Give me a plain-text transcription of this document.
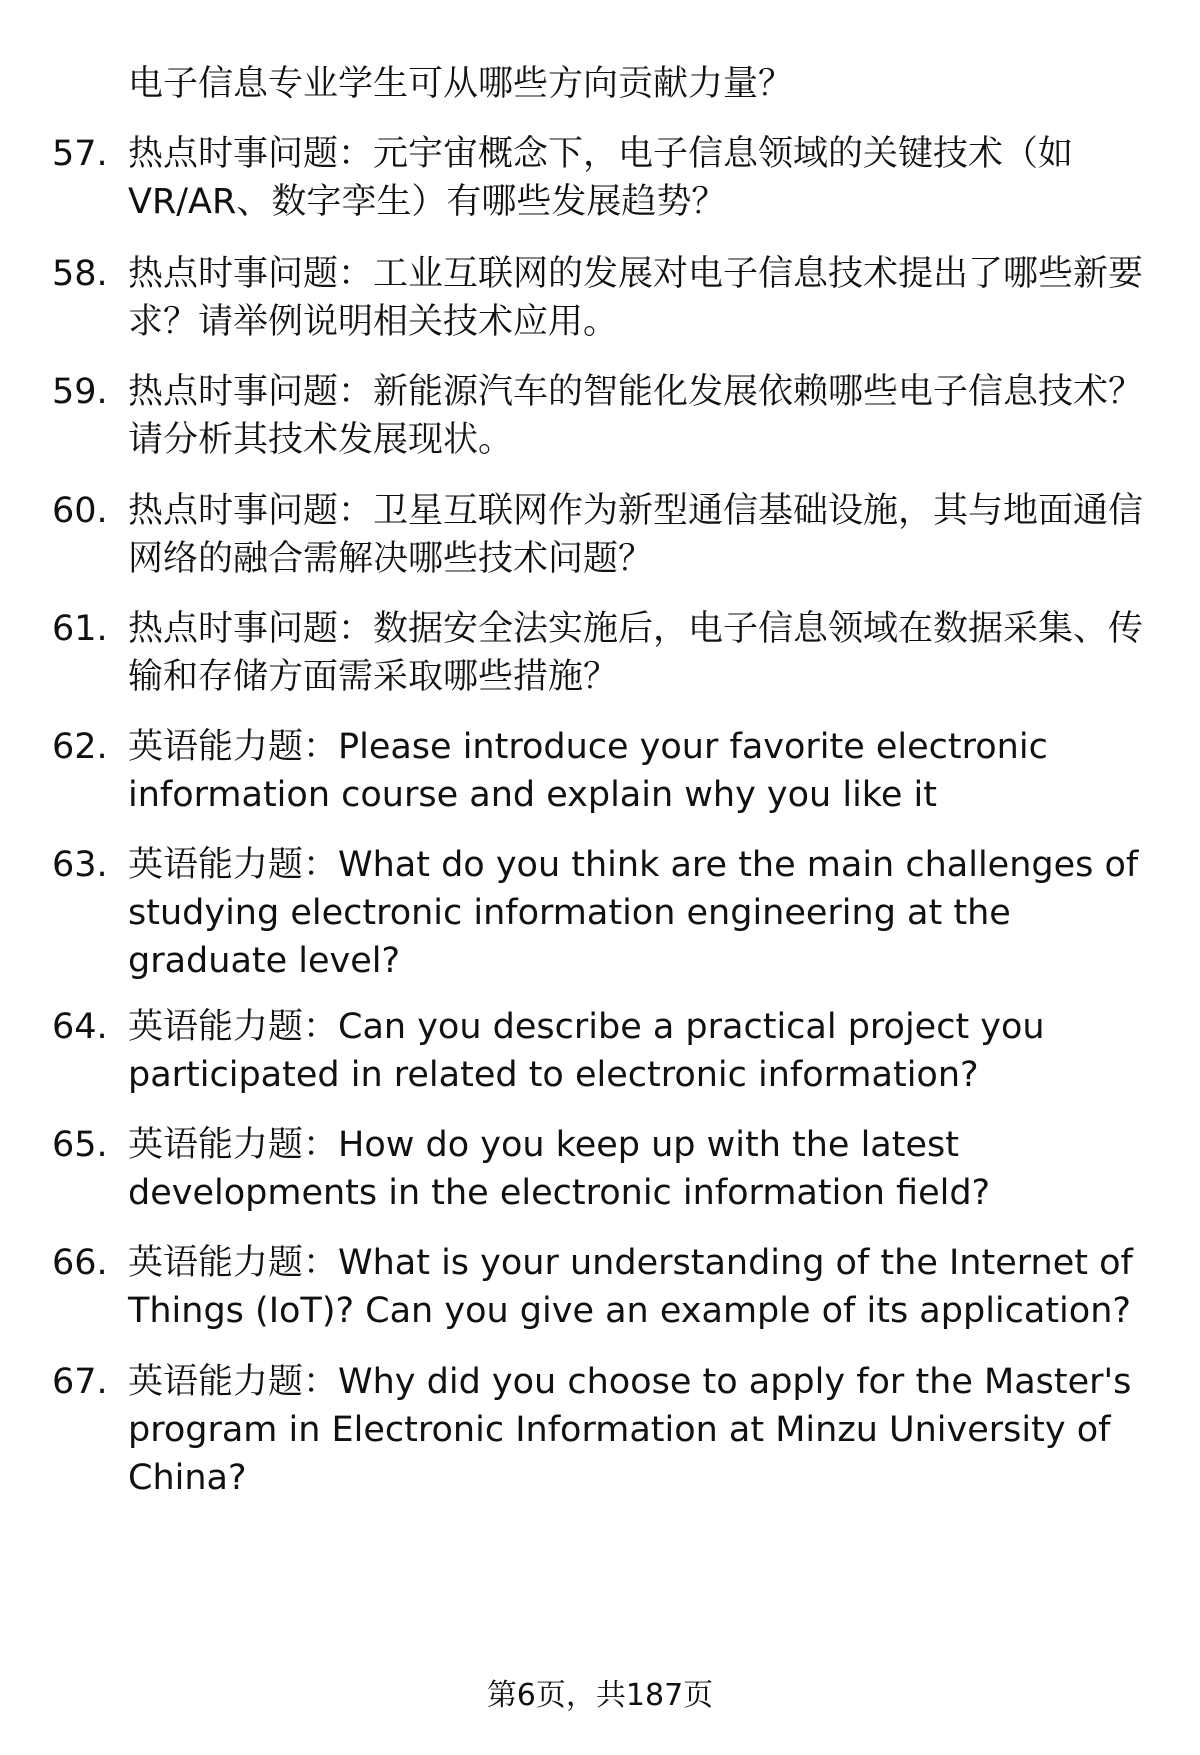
电子信息专业学生可从哪些方向贡献力量？

57. 热点时事问题：元宇宙概念下，电子信息领域的关键技术（如VR/AR、数字孪生）有哪些发展趋势？

58. 热点时事问题：工业互联网的发展对电子信息技术提出了哪些新要求？请举例说明相关技术应用。

59. 热点时事问题：新能源汽车的智能化发展依赖哪些电子信息技术？请分析其技术发展现状。

60. 热点时事问题：卫星互联网作为新型通信基础设施，其与地面通信网络的融合需解决哪些技术问题？

61. 热点时事问题：数据安全法实施后，电子信息领域在数据采集、传输和存储方面需采取哪些措施？

62. 英语能力题：Please introduce your favorite electronic information course and explain why you like it

63. 英语能力题：What do you think are the main challenges of studying electronic information engineering at the graduate level?

64. 英语能力题：Can you describe a practical project you participated in related to electronic information?

65. 英语能力题：How do you keep up with the latest developments in the electronic information field?

66. 英语能力题：What is your understanding of the Internet of Things (IoT)? Can you give an example of its application?

67. 英语能力题：Why did you choose to apply for the Master's program in Electronic Information at Minzu University of China?

第6页，共187页
